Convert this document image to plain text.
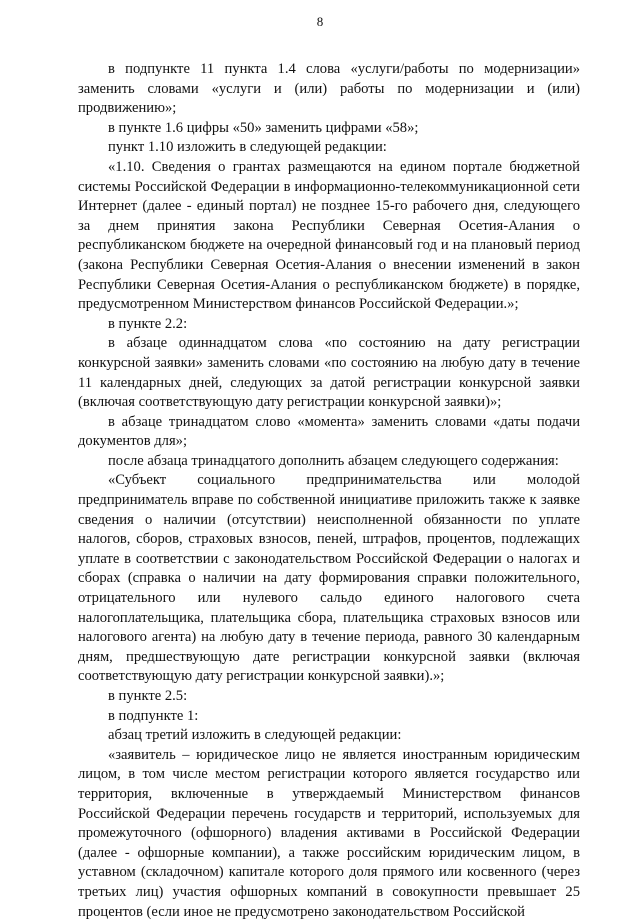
8

в подпункте 11 пункта 1.4 слова «услуги/работы по модернизации» заменить словами «услуги и (или) работы по модернизации и (или) продвижению»;

в пункте 1.6 цифры «50» заменить цифрами «58»;

пункт 1.10 изложить в следующей редакции:

«1.10. Сведения о грантах размещаются на едином портале бюджетной системы Российской Федерации в информационно-телекоммуникационной сети Интернет (далее - единый портал) не позднее 15-го рабочего дня, следующего за днем принятия закона Республики Северная Осетия-Алания о республиканском бюджете на очередной финансовый год и на плановый период (закона Республики Северная Осетия-Алания о внесении изменений в закон Республики Северная Осетия-Алания о республиканском бюджете) в порядке, предусмотренном Министерством финансов Российской Федерации.»;

в пункте 2.2:

в абзаце одиннадцатом слова «по состоянию на дату регистрации конкурсной заявки» заменить словами «по состоянию на любую дату в течение 11 календарных дней, следующих за датой регистрации конкурсной заявки (включая соответствующую дату регистрации конкурсной заявки)»;

в абзаце тринадцатом слово «момента» заменить словами «даты подачи документов для»;

после абзаца тринадцатого дополнить абзацем следующего содержания:

«Субъект социального предпринимательства или молодой предприниматель вправе по собственной инициативе приложить также к заявке сведения о наличии (отсутствии) неисполненной обязанности по уплате налогов, сборов, страховых взносов, пеней, штрафов, процентов, подлежащих уплате в соответствии с законодательством Российской Федерации о налогах и сборах (справка о наличии на дату формирования справки положительного, отрицательного или нулевого сальдо единого налогового счета налогоплательщика, плательщика сбора, плательщика страховых взносов или налогового агента) на любую дату в течение периода, равного 30 календарным дням, предшествующую дате регистрации конкурсной заявки (включая соответствующую дату регистрации конкурсной заявки).»;

в пункте 2.5:

в подпункте 1:

абзац третий изложить в следующей редакции:

«заявитель – юридическое лицо не является иностранным юридическим лицом, в том числе местом регистрации которого является государство или территория, включенные в утверждаемый Министерством финансов Российской Федерации перечень государств и территорий, используемых для промежуточного (офшорного) владения активами в Российской Федерации (далее - офшорные компании), а также российским юридическим лицом, в уставном (складочном) капитале которого доля прямого или косвенного (через третьих лиц) участия офшорных компаний в совокупности превышает 25 процентов (если иное не предусмотрено законодательством Российской
